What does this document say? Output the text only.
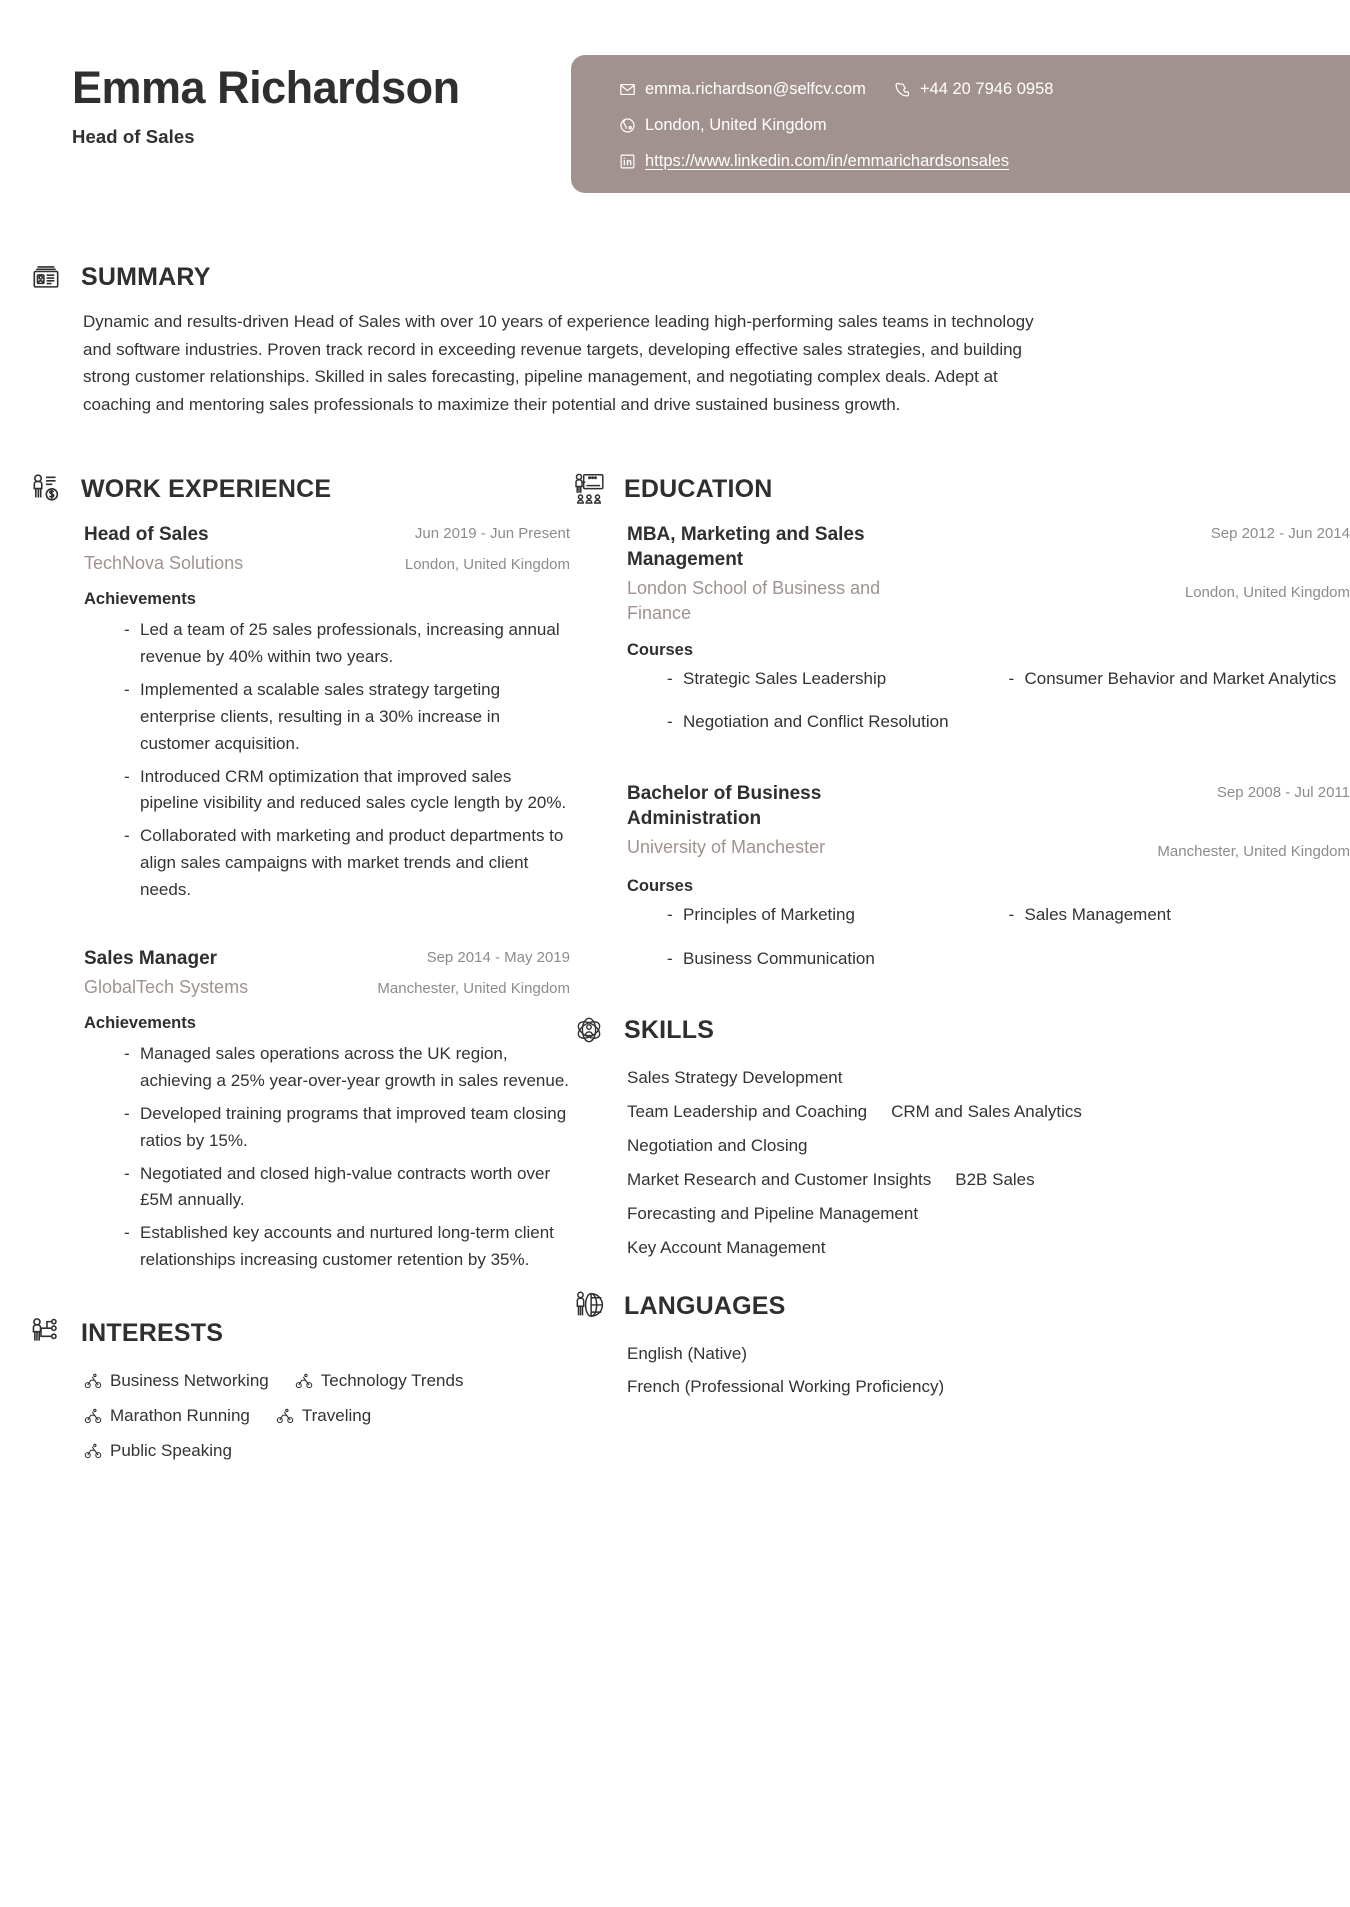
Emma Richardson
Head of Sales
emma.richardson@selfcv.com	+44 20 7946 0958
London, United Kingdom
https://www.linkedin.com/in/emmarichardsonsales
SUMMARY
Dynamic and results-driven Head of Sales with over 10 years of experience leading high-performing sales teams in technology and software industries. Proven track record in exceeding revenue targets, developing effective sales strategies, and building strong customer relationships. Skilled in sales forecasting, pipeline management, and negotiating complex deals. Adept at coaching and mentoring sales professionals to maximize their potential and drive sustained business growth.
WORK EXPERIENCE
Head of Sales
TechNova Solutions
Jun 2019 - Jun Present
London, United Kingdom
Achievements
- Led a team of 25 sales professionals, increasing annual revenue by 40% within two years.
- Implemented a scalable sales strategy targeting enterprise clients, resulting in a 30% increase in customer acquisition.
- Introduced CRM optimization that improved sales pipeline visibility and reduced sales cycle length by 20%.
- Collaborated with marketing and product departments to align sales campaigns with market trends and client needs.
Sales Manager
GlobalTech Systems
Sep 2014 - May 2019
Manchester, United Kingdom
Achievements
- Managed sales operations across the UK region, achieving a 25% year-over-year growth in sales revenue.
- Developed training programs that improved team closing ratios by 15%.
- Negotiated and closed high-value contracts worth over £5M annually.
- Established key accounts and nurtured long-term client relationships increasing customer retention by 35%.
INTERESTS
Business Networking	Technology Trends
Marathon Running	Traveling
Public Speaking
EDUCATION
MBA, Marketing and Sales Management
London School of Business and Finance
Sep 2012 - Jun 2014
London, United Kingdom
Courses
- Strategic Sales Leadership	- Consumer Behavior and Market Analytics
- Negotiation and Conflict Resolution
Bachelor of Business Administration
University of Manchester
Sep 2008 - Jul 2011
Manchester, United Kingdom
Courses
- Principles of Marketing	- Sales Management
- Business Communication
SKILLS
Sales Strategy Development
Team Leadership and Coaching CRM and Sales Analytics
Negotiation and Closing
Market Research and Customer Insights B2B Sales
Forecasting and Pipeline Management
Key Account Management
LANGUAGES
English (Native)
French (Professional Working Proficiency)
